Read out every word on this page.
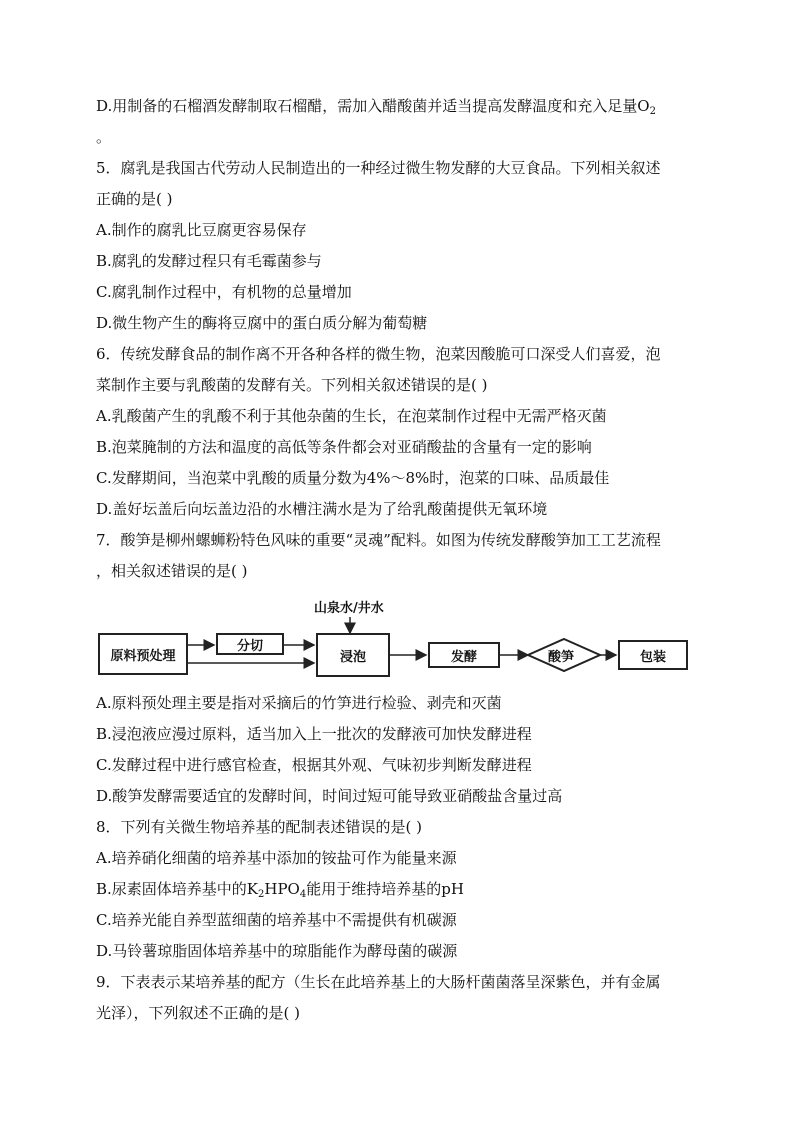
D.用制备的石榴酒发酵制取石榴醋，需加入醋酸菌并适当提高发酵温度和充入足量$O_2$
。
5．腐乳是我国古代劳动人民制造出的一种经过微生物发酵的大豆食品。下列相关叙述
正确的是( )
A.制作的腐乳比豆腐更容易保存
B.腐乳的发酵过程只有毛霉菌参与
C.腐乳制作过程中，有机物的总量增加
D.微生物产生的酶将豆腐中的蛋白质分解为葡萄糖
6．传统发酵食品的制作离不开各种各样的微生物，泡菜因酸脆可口深受人们喜爱，泡
菜制作主要与乳酸菌的发酵有关。下列相关叙述错误的是( )
A.乳酸菌产生的乳酸不利于其他杂菌的生长，在泡菜制作过程中无需严格灭菌
B.泡菜腌制的方法和温度的高低等条件都会对亚硝酸盐的含量有一定的影响
C.发酵期间，当泡菜中乳酸的质量分数为4%～8%时，泡菜的口味、品质最佳
D.盖好坛盖后向坛盖边沿的水槽注满水是为了给乳酸菌提供无氧环境
7．酸笋是柳州螺蛳粉特色风味的重要“灵魂”配料。如图为传统发酵酸笋加工工艺流程
，相关叙述错误的是( )
山泉水/井水
原料预处理
分切
浸泡	发酵	酸笋	包装
A.原料预处理主要是指对采摘后的竹笋进行检验、剥壳和灭菌
B.浸泡液应漫过原料，适当加入上一批次的发酵液可加快发酵进程
C.发酵过程中进行感官检查，根据其外观、气味初步判断发酵进程
D.酸笋发酵需要适宜的发酵时间，时间过短可能导致亚硝酸盐含量过高
8．下列有关微生物培养基的配制表述错误的是( )
A.培养硝化细菌的培养基中添加的铵盐可作为能量来源
B.尿素固体培养基中的$K_2HPO_4$能用于维持培养基的pH
C.培养光能自养型蓝细菌的培养基中不需提供有机碳源
D.马铃薯琼脂固体培养基中的琼脂能作为酵母菌的碳源
9．下表表示某培养基的配方（生长在此培养基上的大肠杆菌菌落呈深紫色，并有金属
光泽），下列叙述不正确的是( )
